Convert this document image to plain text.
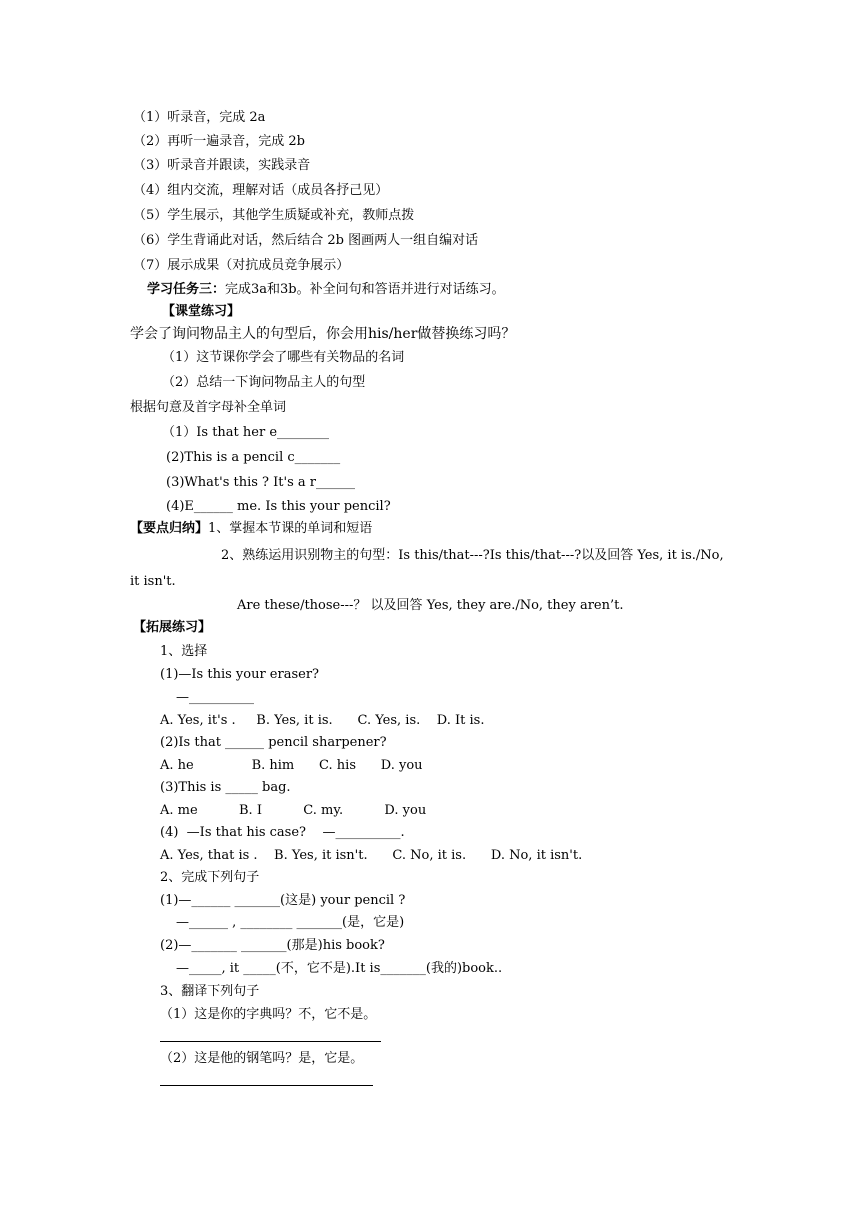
（1）听录音，完成 2a
（2）再听一遍录音，完成 2b
（3）听录音并跟读，实践录音
（4）组内交流，理解对话（成员各抒己见）
（5）学生展示，其他学生质疑或补充，教师点拨
（6）学生背诵此对话，然后结合 2b 图画两人一组自编对话
（7）展示成果（对抗成员竞争展示）
学习任务三：完成3a和3b。补全问句和答语并进行对话练习。
【课堂练习】
学会了询问物品主人的句型后，你会用his/her做替换练习吗？
（1）这节课你学会了哪些有关物品的名词
（2）总结一下询问物品主人的句型
根据句意及首字母补全单词
（1）Is that her e________
(2)This is a pencil c_______
(3)What's this ? It's a r______
(4)E______ me. Is this your pencil?
【要点归纳】1、掌握本节课的单词和短语
2、熟练运用识别物主的句型：Is this/that---?Is this/that---?以及回答 Yes, it is./No,
it isn't.
Are these/those---？ 以及回答 Yes, they are./No, they aren’t.
【拓展练习】
1、选择
(1)—Is this your eraser?
—__________
A. Yes, it's .     B. Yes, it is.      C. Yes, is.    D. It is.
(2)Is that ______ pencil sharpener?
A. he              B. him      C. his      D. you
(3)This is _____ bag.
A. me          B. I          C. my.          D. you
(4)  —Is that his case?    —__________.
A. Yes, that is .    B. Yes, it isn't.      C. No, it is.      D. No, it isn't.
2、完成下列句子
(1)—______ _______(这是) your pencil ?
—______ , ________ _______(是，它是)
(2)—_______ _______(那是)his book?
—_____, it _____(不，它不是).It is_______(我的)book..
3、翻译下列句子
（1）这是你的字典吗？不，它不是。
（2）这是他的钢笔吗？是，它是。
